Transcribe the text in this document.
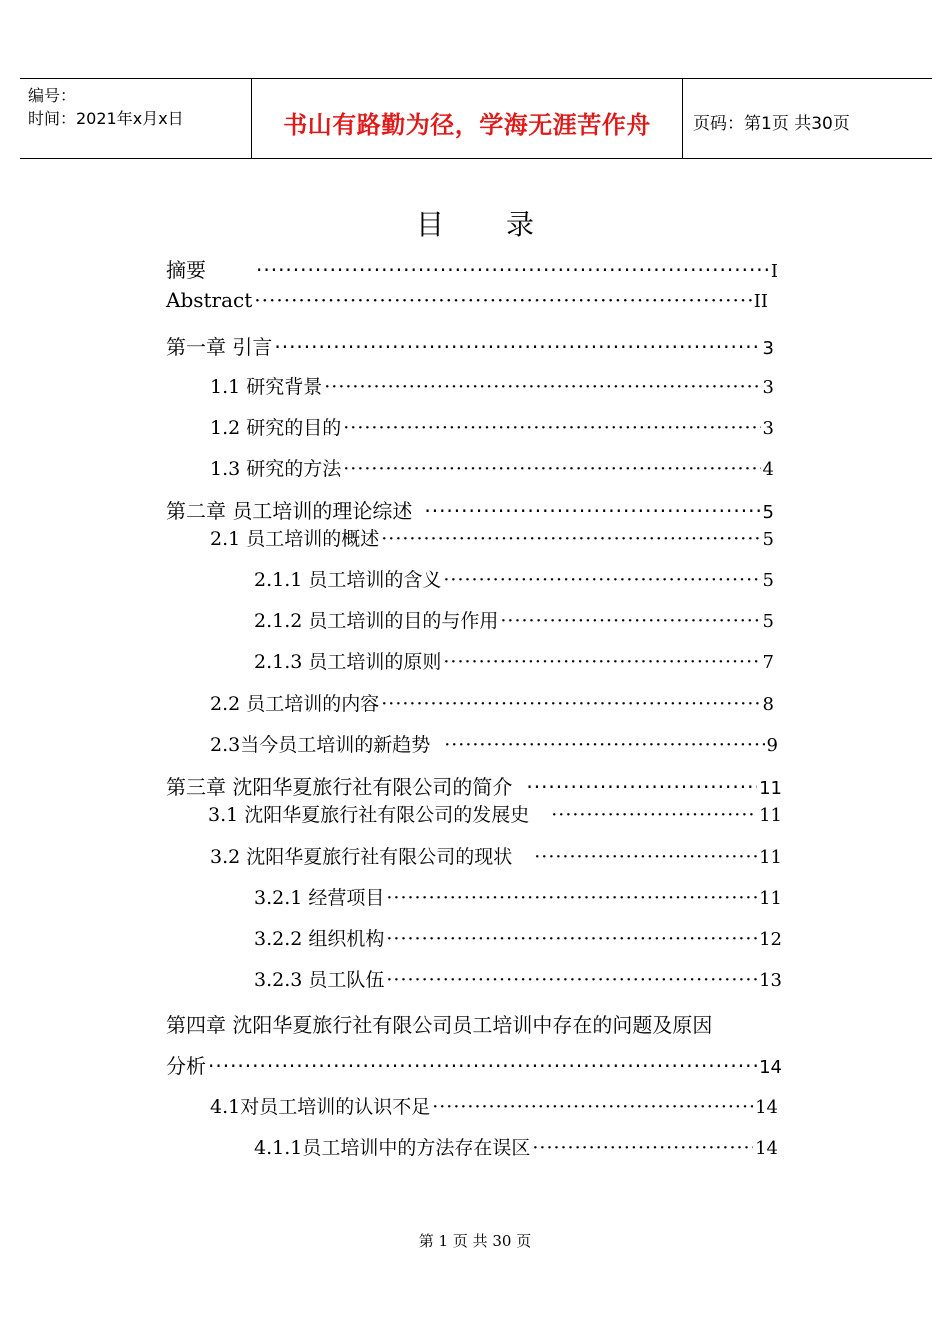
编号：
时间：2021年x月x日	书山有路勤为径，学海无涯苦作舟	页码：第1页 共30页
目 录
摘要 ·····	I
Abstract ·····	II
第一章 引言 ·····	3
1.1 研究背景 ·····	3
1.2 研究的目的 ·····	3
1.3 研究的方法 ·····	4
第二章 员工培训的理论综述 ·····	5
2.1 员工培训的概述 ·····	5
2.1.1 员工培训的含义 ·····	5
2.1.2 员工培训的目的与作用 ·····	5
2.1.3 员工培训的原则 ·····	7
2.2 员工培训的内容 ·····	8
2.3当今员工培训的新趋势 ·····	9
第三章 沈阳华夏旅行社有限公司的简介 ·····	11
3.1 沈阳华夏旅行社有限公司的发展史 ·····	11
3.2 沈阳华夏旅行社有限公司的现状 ·····	11
3.2.1 经营项目 ·····	11
3.2.2 组织机构 ·····	12
3.2.3 员工队伍 ·····	13
第四章 沈阳华夏旅行社有限公司员工培训中存在的问题及原因
分析 ·····	14
4.1对员工培训的认识不足 ·····	14
4.1.1员工培训中的方法存在误区 ·····	14
第 1 页 共 30 页
